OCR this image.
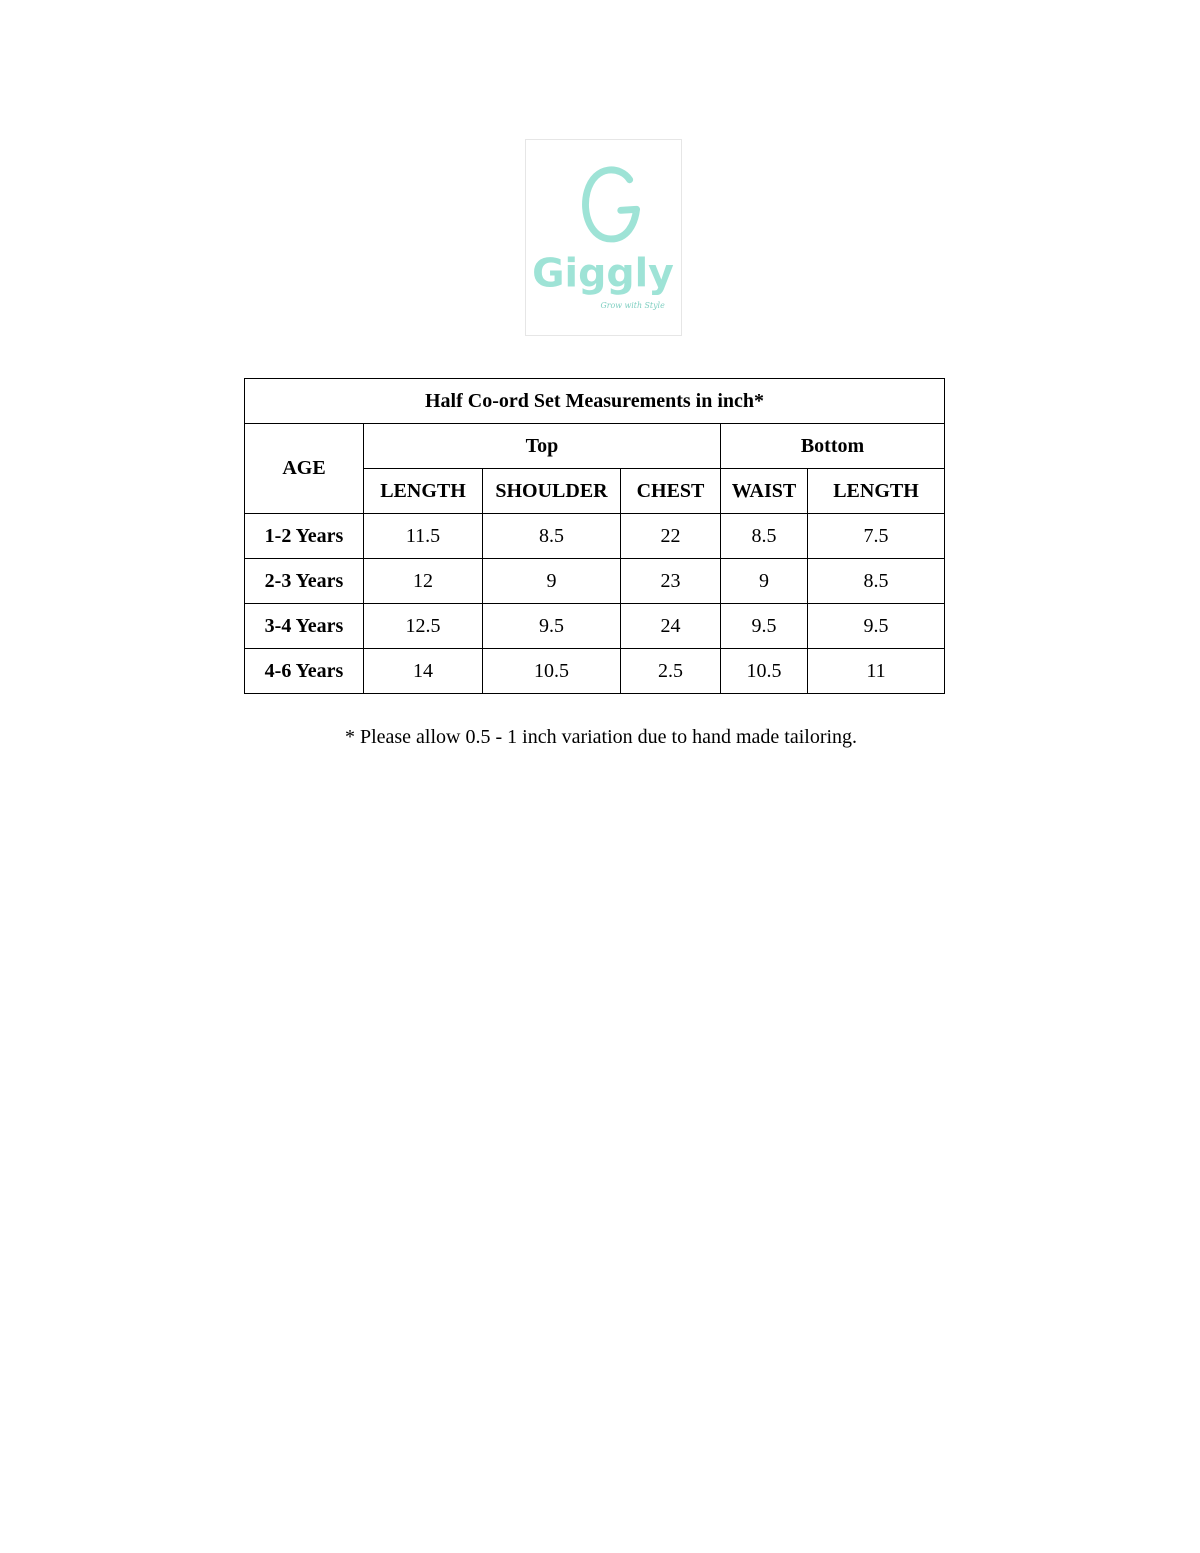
Giggly
Grow with Style
Half Co-ord Set Measurements in inch*					
AGE	Top			Bottom	
	LENGTH	SHOULDER	CHEST	WAIST	LENGTH
1-2 Years	11.5	8.5	22	8.5	7.5
2-3 Years	12	9	23	9	8.5
3-4 Years	12.5	9.5	24	9.5	9.5
4-6 Years	14	10.5	2.5	10.5	11

* Please allow 0.5 - 1 inch variation due to hand made tailoring.
